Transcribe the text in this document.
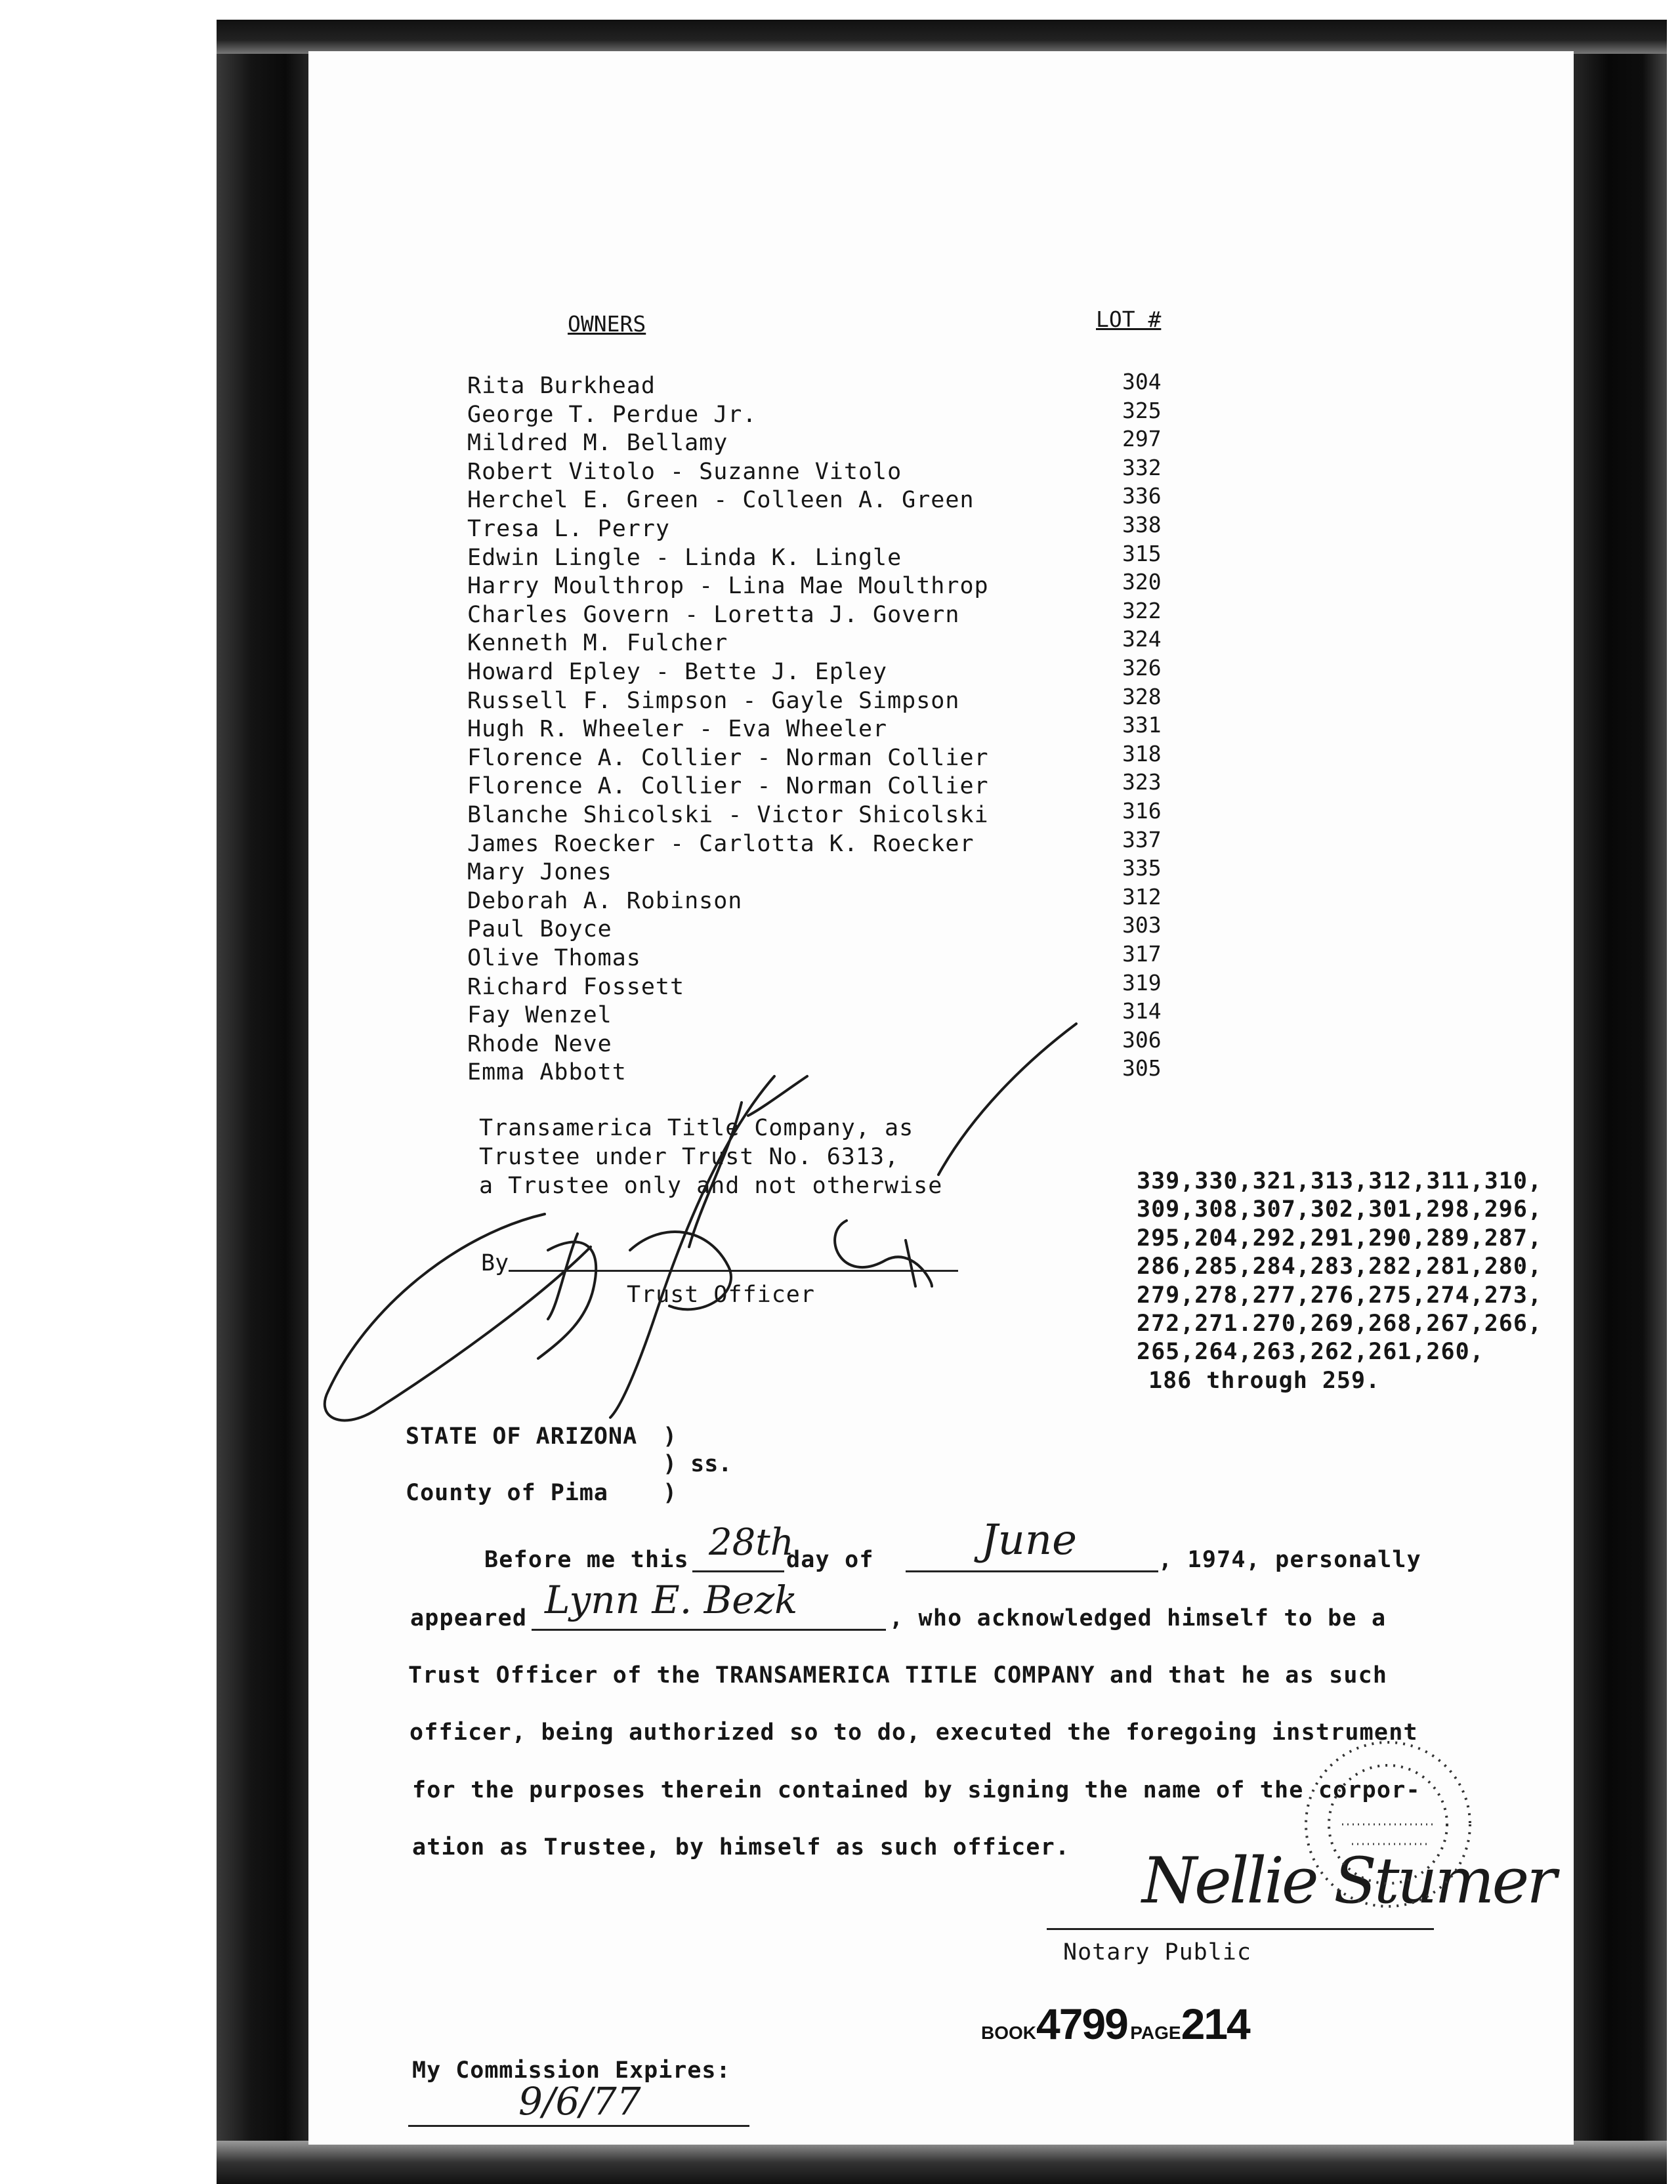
OWNERS	LOT #
Rita Burkhead	304
George T. Perdue Jr.	325
Mildred M. Bellamy	297
Robert Vitolo - Suzanne Vitolo	332
Herchel E. Green - Colleen A. Green	336
Tresa L. Perry	338
Edwin Lingle - Linda K. Lingle	315
Harry Moulthrop - Lina Mae Moulthrop	320
Charles Govern - Loretta J. Govern	322
Kenneth M. Fulcher	324
Howard Epley - Bette J. Epley	326
Russell F. Simpson - Gayle Simpson	328
Hugh R. Wheeler - Eva Wheeler	331
Florence A. Collier - Norman Collier	318
Florence A. Collier - Norman Collier	323
Blanche Shicolski - Victor Shicolski	316
James Roecker - Carlotta K. Roecker	337
Mary Jones	335
Deborah A. Robinson	312
Paul Boyce	303
Olive Thomas	317
Richard Fossett	319
Fay Wenzel	314
Rhode Neve	306
Emma Abbott	305
Transamerica Title Company, as
Trustee under Trust No. 6313,
a Trustee only and not otherwise
By
Trust Officer
339,330,321,313,312,311,310,
309,308,307,302,301,298,296,
295,204,292,291,290,289,287,
286,285,284,283,282,281,280,
279,278,277,276,275,274,273,
272,271.270,269,268,267,266,
265,264,263,262,261,260,
186 through 259.
STATE OF ARIZONA )
) ss.
County of Pima )
Before me this 28th
day of	June	, 1974, personally
appeared Lynn E. Bezk	, who acknowledged himself to be a
Trust Officer of the TRANSAMERICA TITLE COMPANY and that he as such
officer, being authorized so to do, executed the foregoing instrument
for the purposes therein contained by signing the name of the corpor-
ation as Trustee, by himself as such officer. Nellie Stumer
Notary Public
My Commission Expires:
9/6/77
BOOK4799 PAGE214
